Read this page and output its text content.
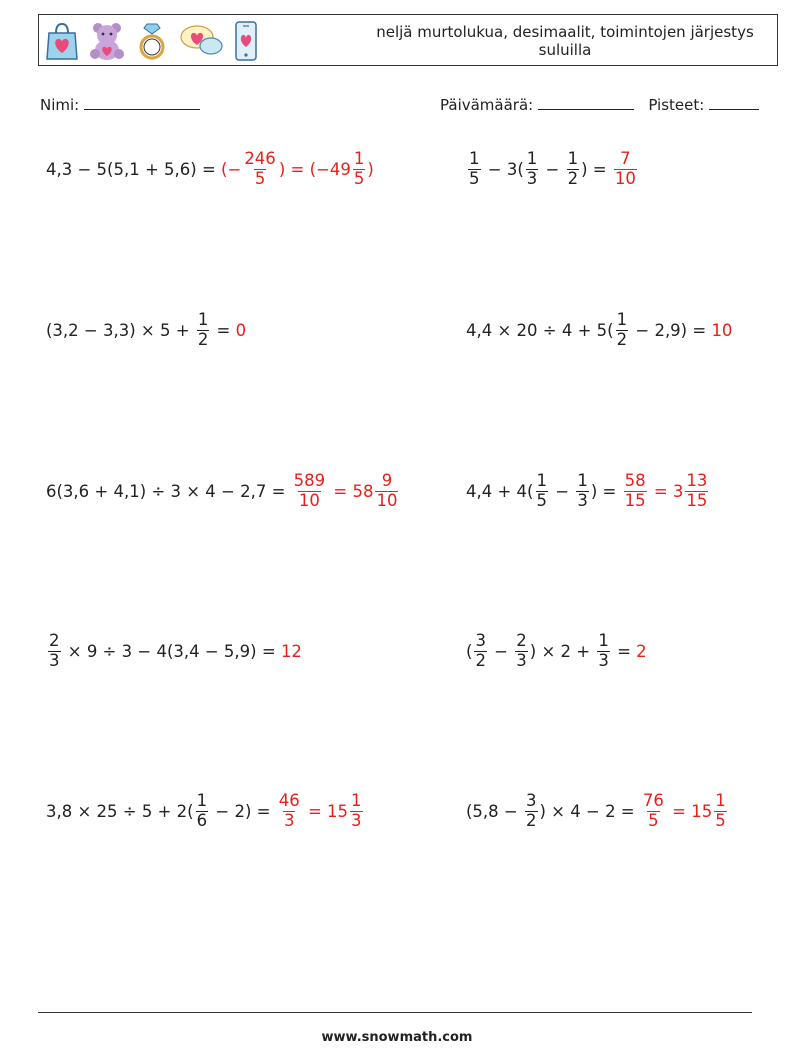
neljä murtolukua, desimaalit, toimintojen järjestys suluilla
Nimi:	Päivämäärä:	Pisteet:
4,3 − 5(5,1 + 5,6) = (− $\frac{246}{5}$ ) = ($-49 \frac{1}{5}$ )	$\frac{1}{5} - 3( \frac{1}{3} - \frac{1}{2}$ ) = $\frac{7}{10}$
$(3,2 - 3,3) \times 5 + \frac{1}{2} = 0$	$4,4 \times 20 \div 4 + 5( \frac{1}{2} - 2,9) = 10$
$6(3,6 + 4,1) \div 3 \times 4 - 2,7 = \frac{589}{10} = 58 \frac{9}{10}$	$4,4 + 4( \frac{1}{5} - \frac{1}{3}$ ) = $\frac{58}{15} = 3 \frac{13}{15}$
$\frac{2}{3} \times 9 \div 3 - 4(3,4 - 5,9) = 12$	( $\frac{3}{2} - \frac{2}{3}$ ) × $2 + \frac{1}{3} = 2$
$3,8 \times 25 \div 5 + 2( \frac{1}{6} - 2) = \frac{46}{3} = 15 \frac{1}{3}$	($5,8 - \frac{3}{2}$ ) × $4 - 2 = \frac{76}{5} = 15 \frac{1}{5}$
www.snowmath.com
